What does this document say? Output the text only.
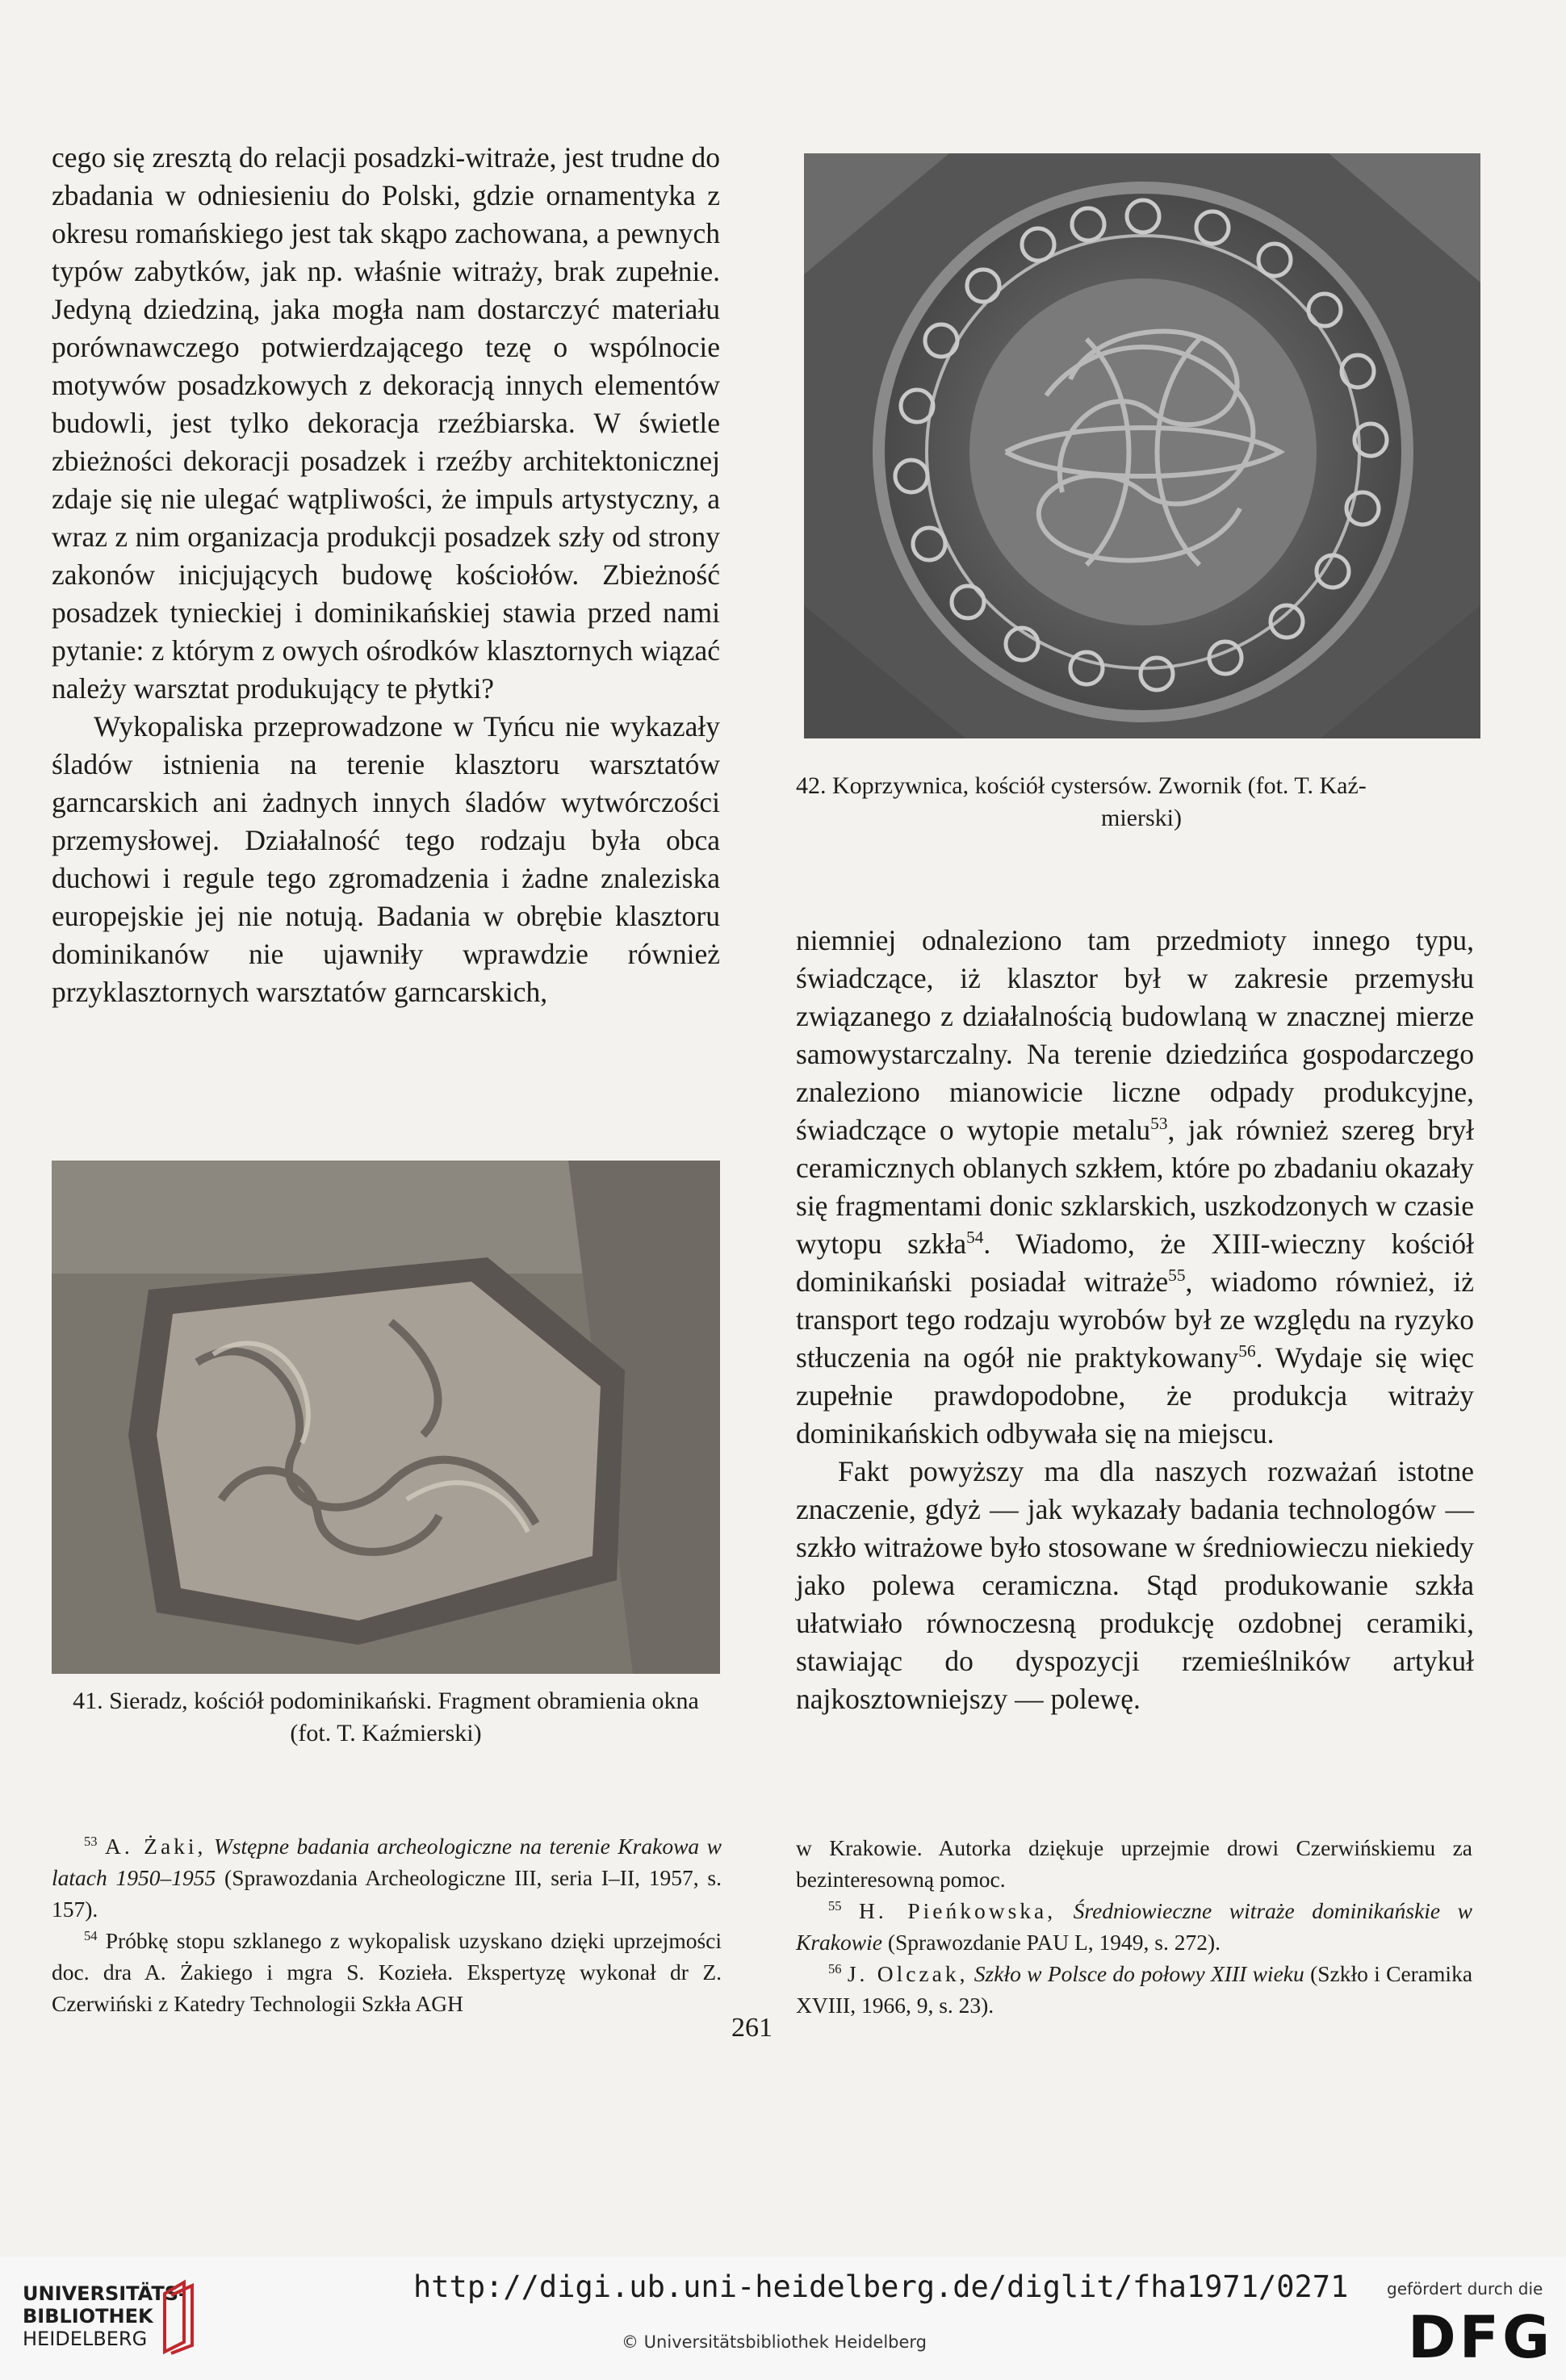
cego się zresztą do relacji posadzki-witraże, jest trudne do zbadania w odniesieniu do Polski, gdzie ornamentyka z okresu romańskiego jest tak skąpo zachowana, a pewnych typów zabytków, jak np. właśnie witraży, brak zupełnie. Jedyną dziedziną, jaka mogła nam dostarczyć materiału porównawczego potwierdzającego tezę o wspólnocie motywów posadzkowych z dekoracją innych elementów budowli, jest tylko dekoracja rzeźbiarska. W świetle zbieżności dekoracji posadzek i rzeźby architektonicznej zdaje się nie ulegać wątpliwości, że impuls artystyczny, a wraz z nim organizacja produkcji posadzek szły od strony zakonów inicjujących budowę kościołów. Zbieżność posadzek tynieckiej i dominikańskiej stawia przed nami pytanie: z którym z owych ośrodków klasztornych wiązać należy warsztat produkujący te płytki?

Wykopaliska przeprowadzone w Tyńcu nie wykazały śladów istnienia na terenie klasztoru warsztatów garncarskich ani żadnych innych śladów wytwórczości przemysłowej. Działalność tego rodzaju była obca duchowi i regule tego zgromadzenia i żadne znaleziska europejskie jej nie notują. Badania w obrębie klasztoru dominikanów nie ujawniły wprawdzie również przyklasztornych warsztatów garncarskich,

42. Koprzywnica, kościół cystersów. Zwornik (fot. T. Kaź-
mierski)

niemniej odnaleziono tam przedmioty innego typu, świadczące, iż klasztor był w zakresie przemysłu związanego z działalnością budowlaną w znacznej mierze samowystarczalny. Na terenie dziedzińca gospodarczego znaleziono mianowicie liczne odpady produkcyjne, świadczące o wytopie metalu$^{53}$, jak również szereg brył ceramicznych oblanych szkłem, które po zbadaniu okazały się fragmentami donic szklarskich, uszkodzonych w czasie wytopu szkła$^{54}$. Wiadomo, że XIII-wieczny kościół dominikański posiadał witraże$^{55}$, wiadomo również, iż transport tego rodzaju wyrobów był ze względu na ryzyko stłuczenia na ogół nie praktykowany$^{56}$. Wydaje się więc zupełnie prawdopodobne, że produkcja witraży dominikańskich odbywała się na miejscu.

Fakt powyższy ma dla naszych rozważań istotne znaczenie, gdyż — jak wykazały badania technologów — szkło witrażowe było stosowane w średniowieczu niekiedy jako polewa ceramiczna. Stąd produkowanie szkła ułatwiało równoczesną produkcję ozdobnej ceramiki, stawiając do dyspozycji rzemieślników artykuł najkosztowniejszy — polewę.

41. Sieradz, kościół podominikański. Fragment obramienia okna (fot. T. Kaźmierski)

$^{53}$ A. Żaki, Wstępne badania archeologiczne na terenie Krakowa w latach 1950–1955 (Sprawozdania Archeologiczne III, seria I–II, 1957, s. 157).

$^{54}$ Próbkę stopu szklanego z wykopalisk uzyskano dzięki uprzejmości doc. dra A. Żakiego i mgra S. Kozieła. Ekspertyzę wykonał dr Z. Czerwiński z Katedry Technologii Szkła AGH

w Krakowie. Autorka dziękuje uprzejmie drowi Czerwińskiemu za bezinteresowną pomoc.

$^{55}$ H. Pieńkowska, Średniowieczne witraże dominikańskie w Krakowie (Sprawozdanie PAU L, 1949, s. 272).

$^{56}$ J. Olczak, Szkło w Polsce do połowy XIII wieku (Szkło i Ceramika XVIII, 1966, 9, s. 23).

261
UNIVERSITÄTS-
BIBLIOTHEK
HEIDELBERG
http://digi.ub.uni-heidelberg.de/diglit/fha1971/0271
© Universitätsbibliothek Heidelberg
gefördert durch die
DFG
